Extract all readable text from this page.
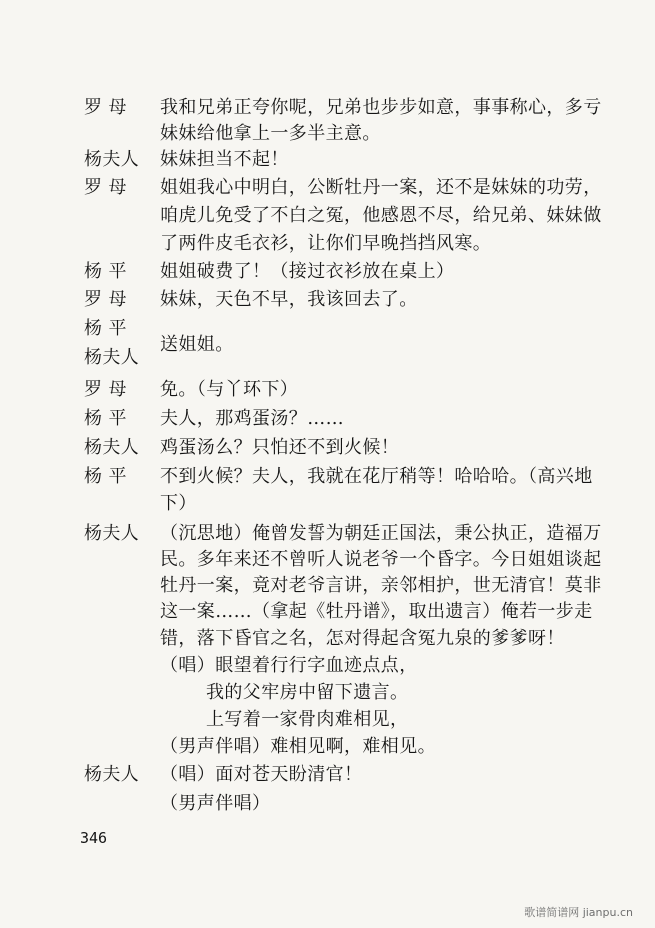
罗 母
杨夫人
罗 母
杨 平
罗 母
杨 平
杨夫人
罗 母
杨 平
杨夫人
杨 平
杨夫人
杨夫人
我和兄弟正夸你呢，兄弟也步步如意，事事称心，多亏
妹妹给他拿上一多半主意。
妹妹担当不起！
姐姐我心中明白，公断牡丹一案，还不是妹妹的功劳，
咱虎儿免受了不白之冤，他感恩不尽，给兄弟、妹妹做
了两件皮毛衣衫，让你们早晚挡挡风寒。
姐姐破费了！（接过衣衫放在桌上）
妹妹，天色不早，我该回去了。
送姐姐。
免。（与丫环下）
夫人，那鸡蛋汤？……
鸡蛋汤么？只怕还不到火候！
不到火候？夫人，我就在花厅稍等！哈哈哈。（高兴地
下）
（沉思地）俺曾发誓为朝廷正国法，秉公执正，造福万
民。多年来还不曾听人说老爷一个昏字。今日姐姐谈起
牡丹一案，竟对老爷言讲，亲邻相护，世无清官！莫非
这一案……（拿起《牡丹谱》，取出遗言）俺若一步走
错，落下昏官之名，怎对得起含冤九泉的爹爹呀！
（唱）眼望着行行字血迹点点，
我的父牢房中留下遗言。
上写着一家骨肉难相见，
（男声伴唱）难相见啊，难相见。
（唱）面对苍天盼清官！
（男声伴唱）
346
歌谱简谱网 jianpu.cn
